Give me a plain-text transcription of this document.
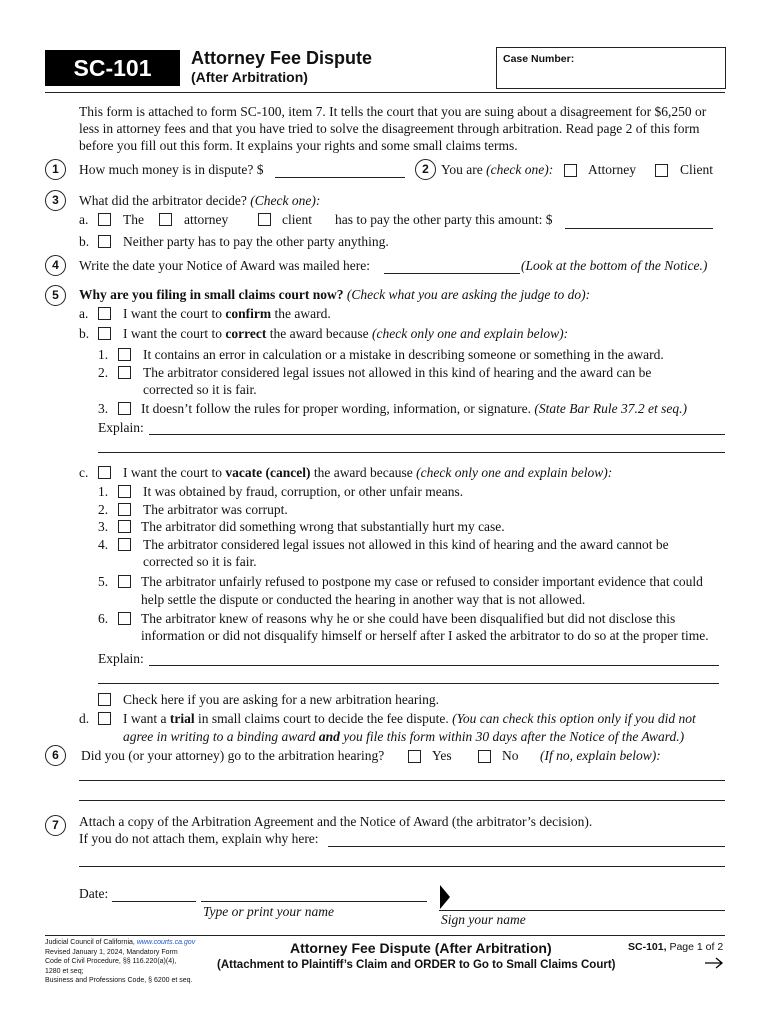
SC-101	Attorney Fee Dispute
(After Arbitration)
Case Number:
This form is attached to form SC-100, item 7. It tells the court that you are suing about a disagreement for $6,250 or
less in attorney fees and that you have tried to solve the disagreement through arbitration. Read page 2 of this form
before you fill out this form. It explains your rights and some small claims terms.
1	How much money is in dispute? $	2 You are (check one):	Attorney	Client
3	What did the arbitrator decide? (Check one):
a.	The	attorney	client has to pay the other party this amount: $
b.	Neither party has to pay the other party anything.
4	Write the date your Notice of Award was mailed here:	(Look at the bottom of the Notice.)
5	Why are you filing in small claims court now? (Check what you are asking the judge to do):
a.	I want the court to confirm the award.
b.	I want the court to correct the award because (check only one and explain below):
1.	It contains an error in calculation or a mistake in describing someone or something in the award.
2.	The arbitrator considered legal issues not allowed in this kind of hearing and the award can be
corrected so it is fair.
3. It doesn’t follow the rules for proper wording, information, or signature. (State Bar Rule 37.2 et seq.)
Explain:
c.	I want the court to vacate (cancel) the award because (check only one and explain below):
1.	It was obtained by fraud, corruption, or other unfair means.
2.	The arbitrator was corrupt.
3. The arbitrator did something wrong that substantially hurt my case.
4.	The arbitrator considered legal issues not allowed in this kind of hearing and the award cannot be
corrected so it is fair.
5. The arbitrator unfairly refused to postpone my case or refused to consider important evidence that could
help settle the dispute or conducted the hearing in another way that is not allowed.
6. The arbitrator knew of reasons why he or she could have been disqualified but did not disclose this
information or did not disqualify himself or herself after I asked the arbitrator to do so at the proper time.
Explain:
Check here if you are asking for a new arbitration hearing.
d.	I want a trial in small claims court to decide the fee dispute. (You can check this option only if you did not
agree in writing to a binding award and you file this form within 30 days after the Notice of the Award.)
6	Did you (or your attorney) go to the arbitration hearing?	Yes	No (If no, explain below):
7	Attach a copy of the Arbitration Agreement and the Notice of Award (the arbitrator’s decision).
If you do not attach them, explain why here:
Date:
Type or print your name
Sign your name
Judicial Council of California, www.courts.ca.gov
Revised January 1, 2024, Mandatory Form
Code of Civil Procedure, §§ 116.220(a)(4),
1280 et seq;
Business and Professions Code, § 6200 et seq.
Attorney Fee Dispute (After Arbitration)
(Attachment to Plaintiff’s Claim and ORDER to Go to Small Claims Court)
SC-101, Page 1 of 2
